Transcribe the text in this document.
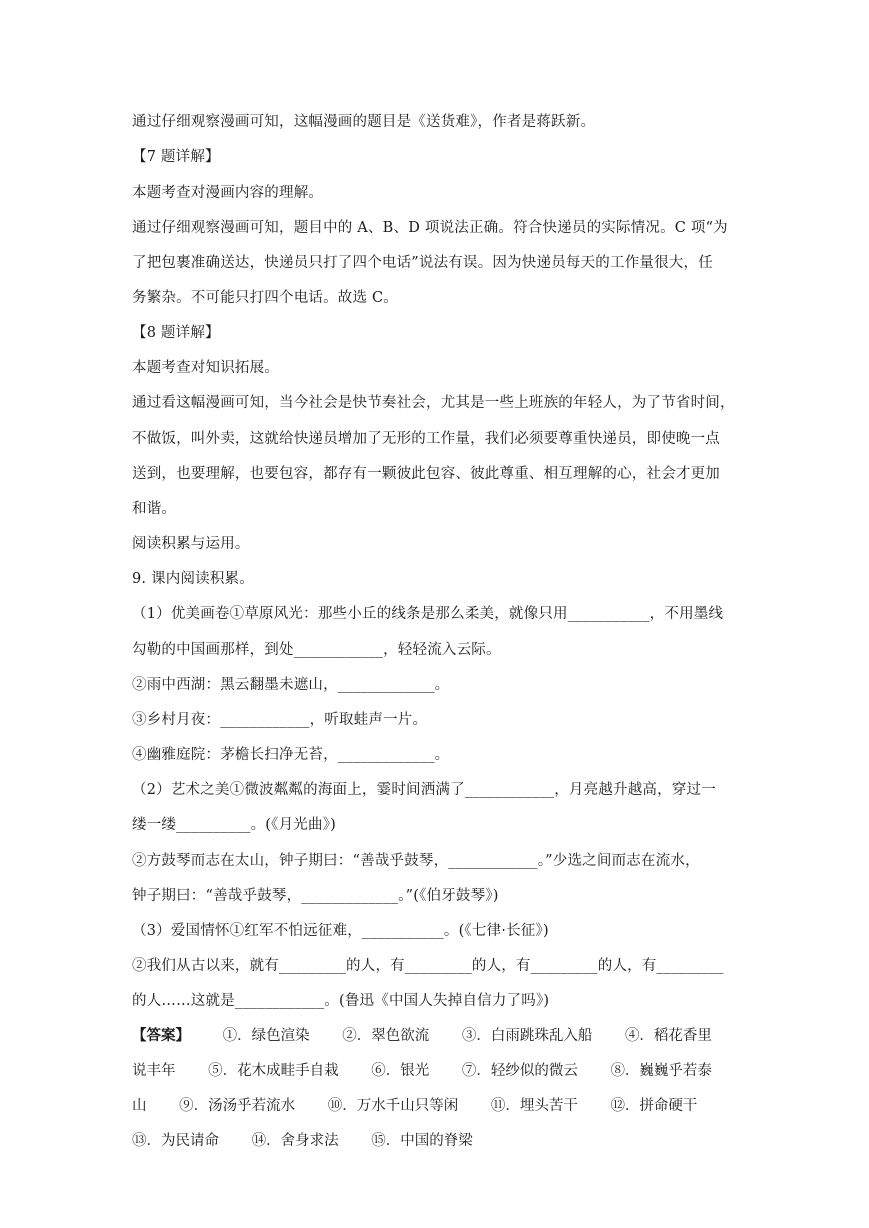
通过仔细观察漫画可知，这幅漫画的题目是《送货难》，作者是蒋跃新。
【7 题详解】
本题考查对漫画内容的理解。
通过仔细观察漫画可知，题目中的 A、B、D 项说法正确。符合快递员的实际情况。C 项“为
了把包裹准确送达，快递员只打了四个电话”说法有误。因为快递员每天的工作量很大，任
务繁杂。不可能只打四个电话。故选 C。
【8 题详解】
本题考查对知识拓展。
通过看这幅漫画可知，当今社会是快节奏社会，尤其是一些上班族的年轻人，为了节省时间，
不做饭，叫外卖，这就给快递员增加了无形的工作量，我们必须要尊重快递员，即使晚一点
送到，也要理解，也要包容，都存有一颗彼此包容、彼此尊重、相互理解的心，社会才更加
和谐。
阅读积累与运用。
9. 课内阅读积累。
（1）优美画卷①草原风光：那些小丘的线条是那么柔美，就像只用___________，不用墨线
勾勒的中国画那样，到处____________，轻轻流入云际。
②雨中西湖：黑云翻墨未遮山，_____________。
③乡村月夜：____________，听取蛙声一片。
④幽雅庭院：茅檐长扫净无苔，_____________。
（2）艺术之美①微波粼粼的海面上，霎时间洒满了____________，月亮越升越高，穿过一
缕一缕__________。(《月光曲》)
②方鼓琴而志在太山，钟子期曰：“善哉乎鼓琴，____________。”少选之间而志在流水，
钟子期曰：“善哉乎鼓琴，_____________。”(《伯牙鼓琴》)
（3）爱国情怀①红军不怕远征难，___________。(《七律·长征》)
②我们从古以来，就有_________的人，有_________的人，有_________的人，有_________
的人……这就是____________。(鲁迅《中国人失掉自信力了吗》)
【答案】 ①．绿色渲染 ②．翠色欲流 ③．白雨跳珠乱入船 ④．稻花香里
说丰年 ⑤．花木成畦手自栽 ⑥．银光 ⑦．轻纱似的微云 ⑧．巍巍乎若泰
山 ⑨．汤汤乎若流水 ⑩．万水千山只等闲 ⑪．埋头苦干 ⑫．拼命硬干
⑬．为民请命 ⑭．舍身求法 ⑮．中国的脊梁
